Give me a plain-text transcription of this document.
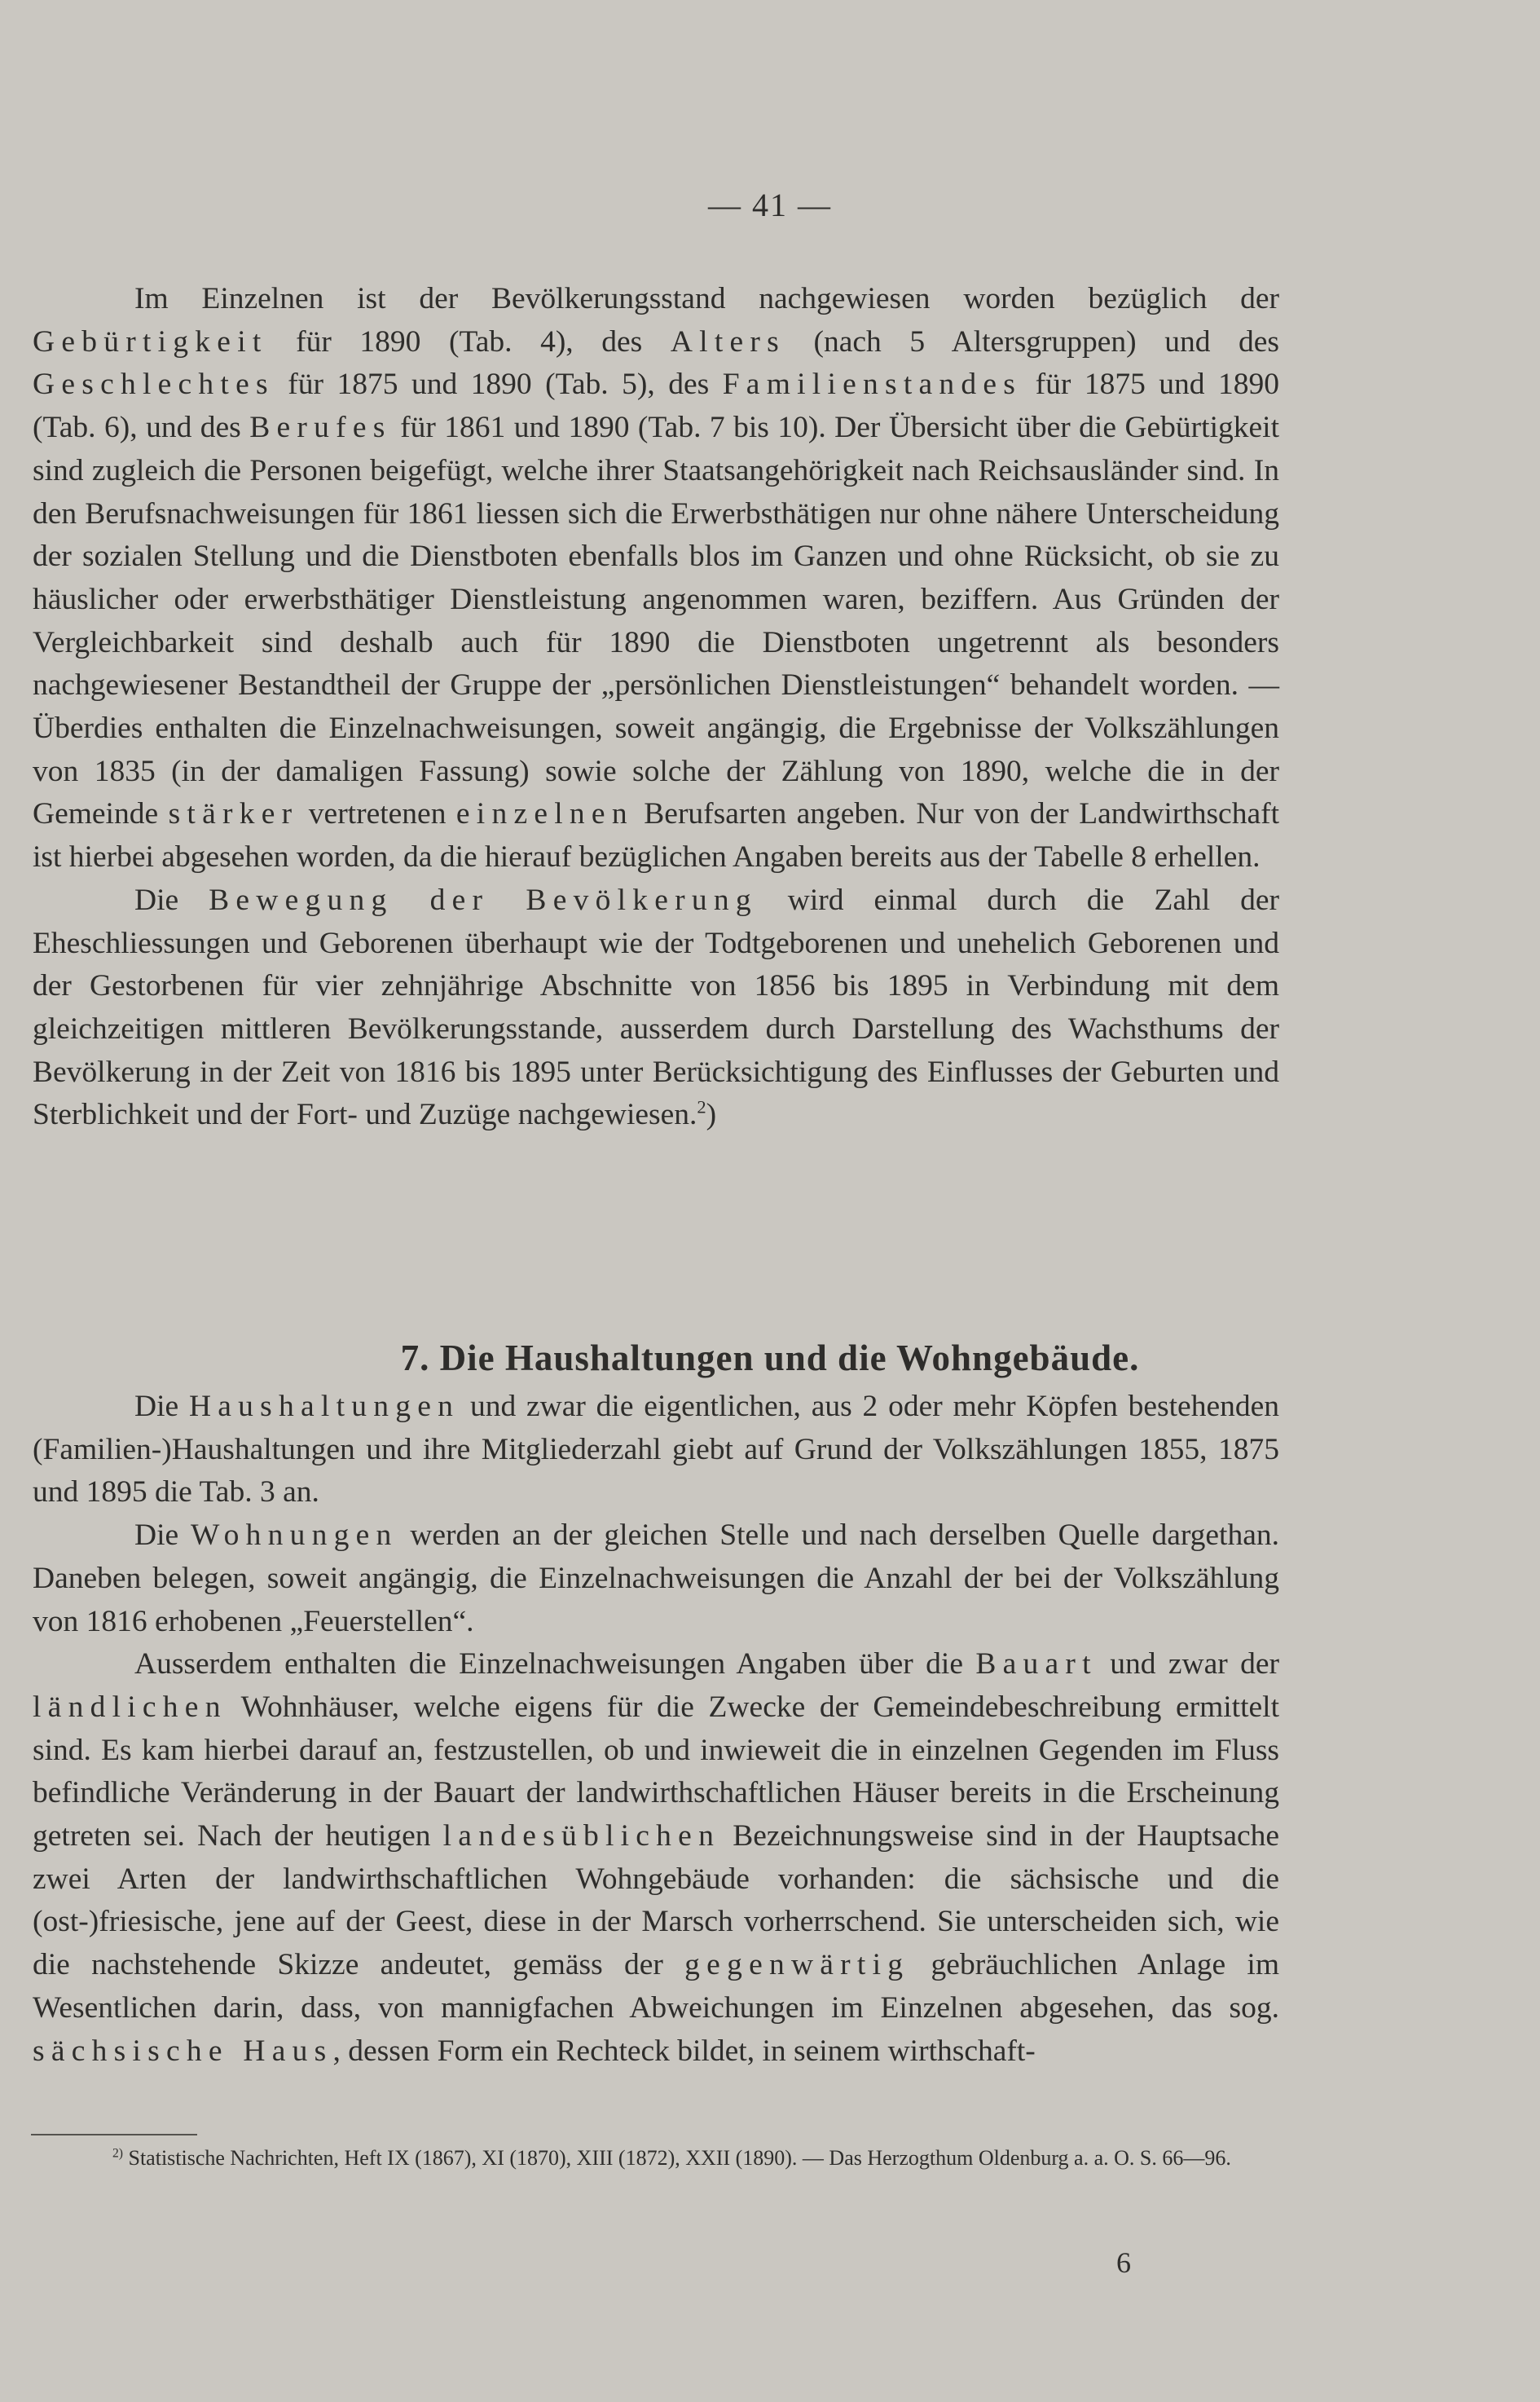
— 41 —

Im Einzelnen ist der Bevölkerungsstand nachgewiesen worden bezüglich der Gebürtigkeit für 1890 (Tab. 4), des Alters (nach 5 Altersgruppen) und des Geschlechtes für 1875 und 1890 (Tab. 5), des Familienstandes für 1875 und 1890 (Tab. 6), und des Berufes für 1861 und 1890 (Tab. 7 bis 10). Der Übersicht über die Gebürtigkeit sind zugleich die Personen beigefügt, welche ihrer Staatsangehörigkeit nach Reichsausländer sind. In den Berufsnachweisungen für 1861 liessen sich die Erwerbsthätigen nur ohne nähere Unterscheidung der sozialen Stellung und die Dienstboten ebenfalls blos im Ganzen und ohne Rücksicht, ob sie zu häuslicher oder erwerbsthätiger Dienstleistung angenommen waren, beziffern. Aus Gründen der Vergleichbarkeit sind deshalb auch für 1890 die Dienstboten ungetrennt als besonders nachgewiesener Bestandtheil der Gruppe der „persönlichen Dienstleistungen“ behandelt worden. — Überdies enthalten die Einzelnachweisungen, soweit angängig, die Ergebnisse der Volkszählungen von 1835 (in der damaligen Fassung) sowie solche der Zählung von 1890, welche die in der Gemeinde stärker vertretenen einzelnen Berufsarten angeben. Nur von der Landwirthschaft ist hierbei abgesehen worden, da die hierauf bezüglichen Angaben bereits aus der Tabelle 8 erhellen.

Die Bewegung der Bevölkerung wird einmal durch die Zahl der Eheschliessungen und Geborenen überhaupt wie der Todtgeborenen und unehelich Geborenen und der Gestorbenen für vier zehnjährige Abschnitte von 1856 bis 1895 in Verbindung mit dem gleichzeitigen mittleren Bevölkerungsstande, ausserdem durch Darstellung des Wachsthums der Bevölkerung in der Zeit von 1816 bis 1895 unter Berücksichtigung des Einflusses der Geburten und Sterblichkeit und der Fort- und Zuzüge nachgewiesen.$^2$)

7. Die Haushaltungen und die Wohngebäude.

Die Haushaltungen und zwar die eigentlichen, aus 2 oder mehr Köpfen bestehenden (Familien-)Haushaltungen und ihre Mitgliederzahl giebt auf Grund der Volkszählungen 1855, 1875 und 1895 die Tab. 3 an.

Die Wohnungen werden an der gleichen Stelle und nach derselben Quelle dargethan. Daneben belegen, soweit angängig, die Einzelnachweisungen die Anzahl der bei der Volkszählung von 1816 erhobenen „Feuerstellen“.

Ausserdem enthalten die Einzelnachweisungen Angaben über die Bauart und zwar der ländlichen Wohnhäuser, welche eigens für die Zwecke der Gemeindebeschreibung ermittelt sind. Es kam hierbei darauf an, festzustellen, ob und inwieweit die in einzelnen Gegenden im Fluss befindliche Veränderung in der Bauart der landwirthschaftlichen Häuser bereits in die Erscheinung getreten sei. Nach der heutigen landesüblichen Bezeichnungsweise sind in der Hauptsache zwei Arten der landwirthschaftlichen Wohngebäude vorhanden: die sächsische und die (ost-)friesische, jene auf der Geest, diese in der Marsch vorherrschend. Sie unterscheiden sich, wie die nachstehende Skizze andeutet, gemäss der gegenwärtig gebräuchlichen Anlage im Wesentlichen darin, dass, von mannigfachen Abweichungen im Einzelnen abgesehen, das sog. sächsische Haus, dessen Form ein Rechteck bildet, in seinem wirthschaft-

$^{2)}$ Statistische Nachrichten, Heft IX (1867), XI (1870), XIII (1872), XXII (1890). — Das Herzogthum Oldenburg a. a. O. S. 66—96.
6
